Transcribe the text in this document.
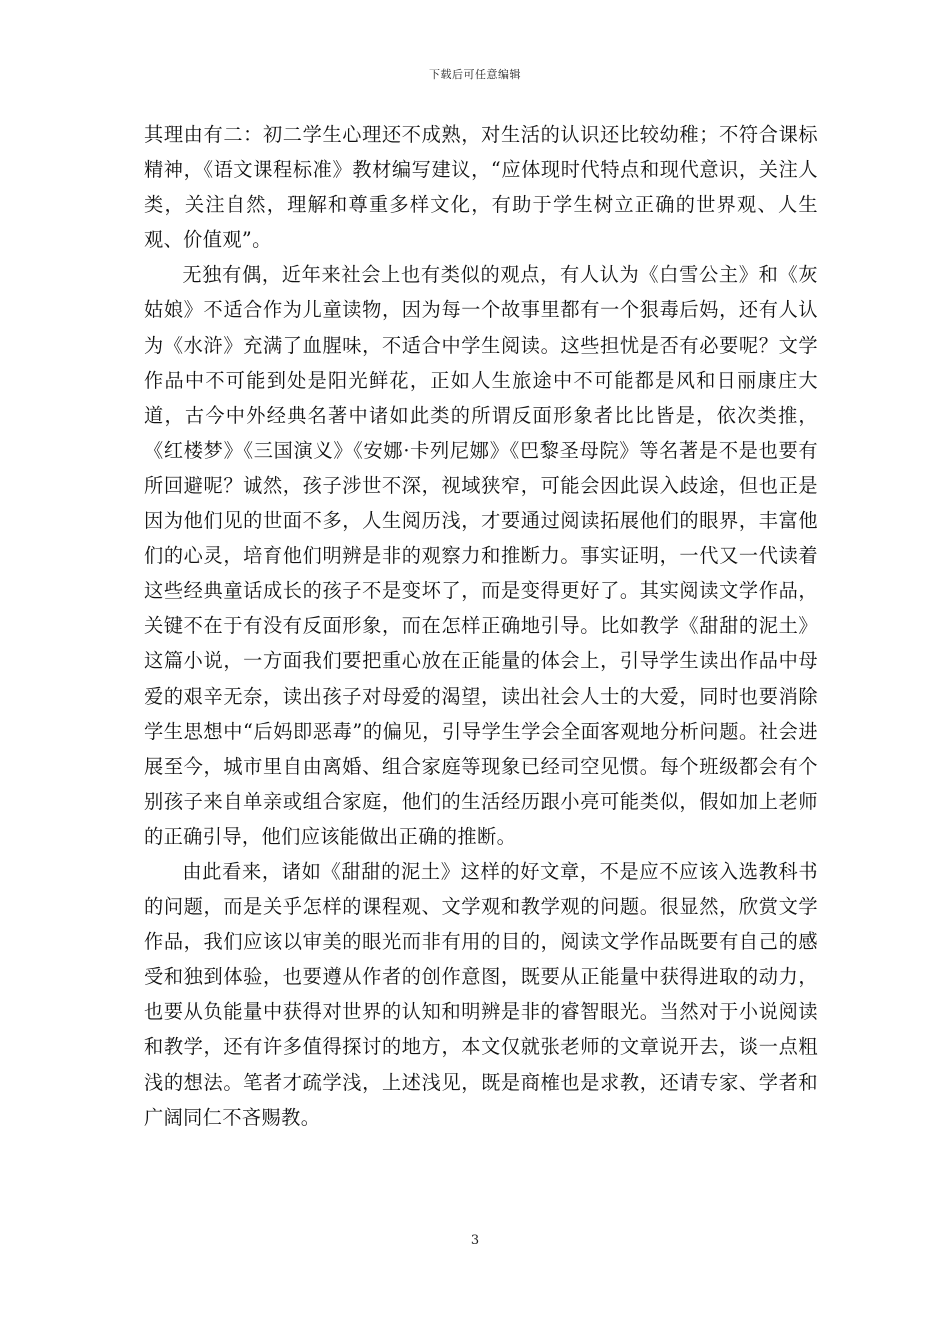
下载后可任意编辑

其理由有二：初二学生心理还不成熟，对生活的认识还比较幼稚；不符合课标精神，《语文课程标准》教材编写建议，“应体现时代特点和现代意识，关注人类，关注自然，理解和尊重多样文化，有助于学生树立正确的世界观、人生观、价值观”。

无独有偶，近年来社会上也有类似的观点，有人认为《白雪公主》和《灰姑娘》不适合作为儿童读物，因为每一个故事里都有一个狠毒后妈，还有人认为《水浒》充满了血腥味，不适合中学生阅读。这些担忧是否有必要呢？文学作品中不可能到处是阳光鲜花，正如人生旅途中不可能都是风和日丽康庄大道，古今中外经典名著中诸如此类的所谓反面形象者比比皆是，依次类推，《红楼梦》《三国演义》《安娜·卡列尼娜》《巴黎圣母院》等名著是不是也要有所回避呢？诚然，孩子涉世不深，视域狭窄，可能会因此误入歧途，但也正是因为他们见的世面不多，人生阅历浅，才要通过阅读拓展他们的眼界，丰富他们的心灵，培育他们明辨是非的观察力和推断力。事实证明，一代又一代读着这些经典童话成长的孩子不是变坏了，而是变得更好了。其实阅读文学作品，关键不在于有没有反面形象，而在怎样正确地引导。比如教学《甜甜的泥土》这篇小说，一方面我们要把重心放在正能量的体会上，引导学生读出作品中母爱的艰辛无奈，读出孩子对母爱的渴望，读出社会人士的大爱，同时也要消除学生思想中“后妈即恶毒”的偏见，引导学生学会全面客观地分析问题。社会进展至今，城市里自由离婚、组合家庭等现象已经司空见惯。每个班级都会有个别孩子来自单亲或组合家庭，他们的生活经历跟小亮可能类似，假如加上老师的正确引导，他们应该能做出正确的推断。

由此看来，诸如《甜甜的泥土》这样的好文章，不是应不应该入选教科书的问题，而是关乎怎样的课程观、文学观和教学观的问题。很显然，欣赏文学作品，我们应该以审美的眼光而非有用的目的，阅读文学作品既要有自己的感受和独到体验，也要遵从作者的创作意图，既要从正能量中获得进取的动力，也要从负能量中获得对世界的认知和明辨是非的睿智眼光。当然对于小说阅读和教学，还有许多值得探讨的地方，本文仅就张老师的文章说开去，谈一点粗浅的想法。笔者才疏学浅，上述浅见，既是商榷也是求教，还请专家、学者和广阔同仁不吝赐教。

3
